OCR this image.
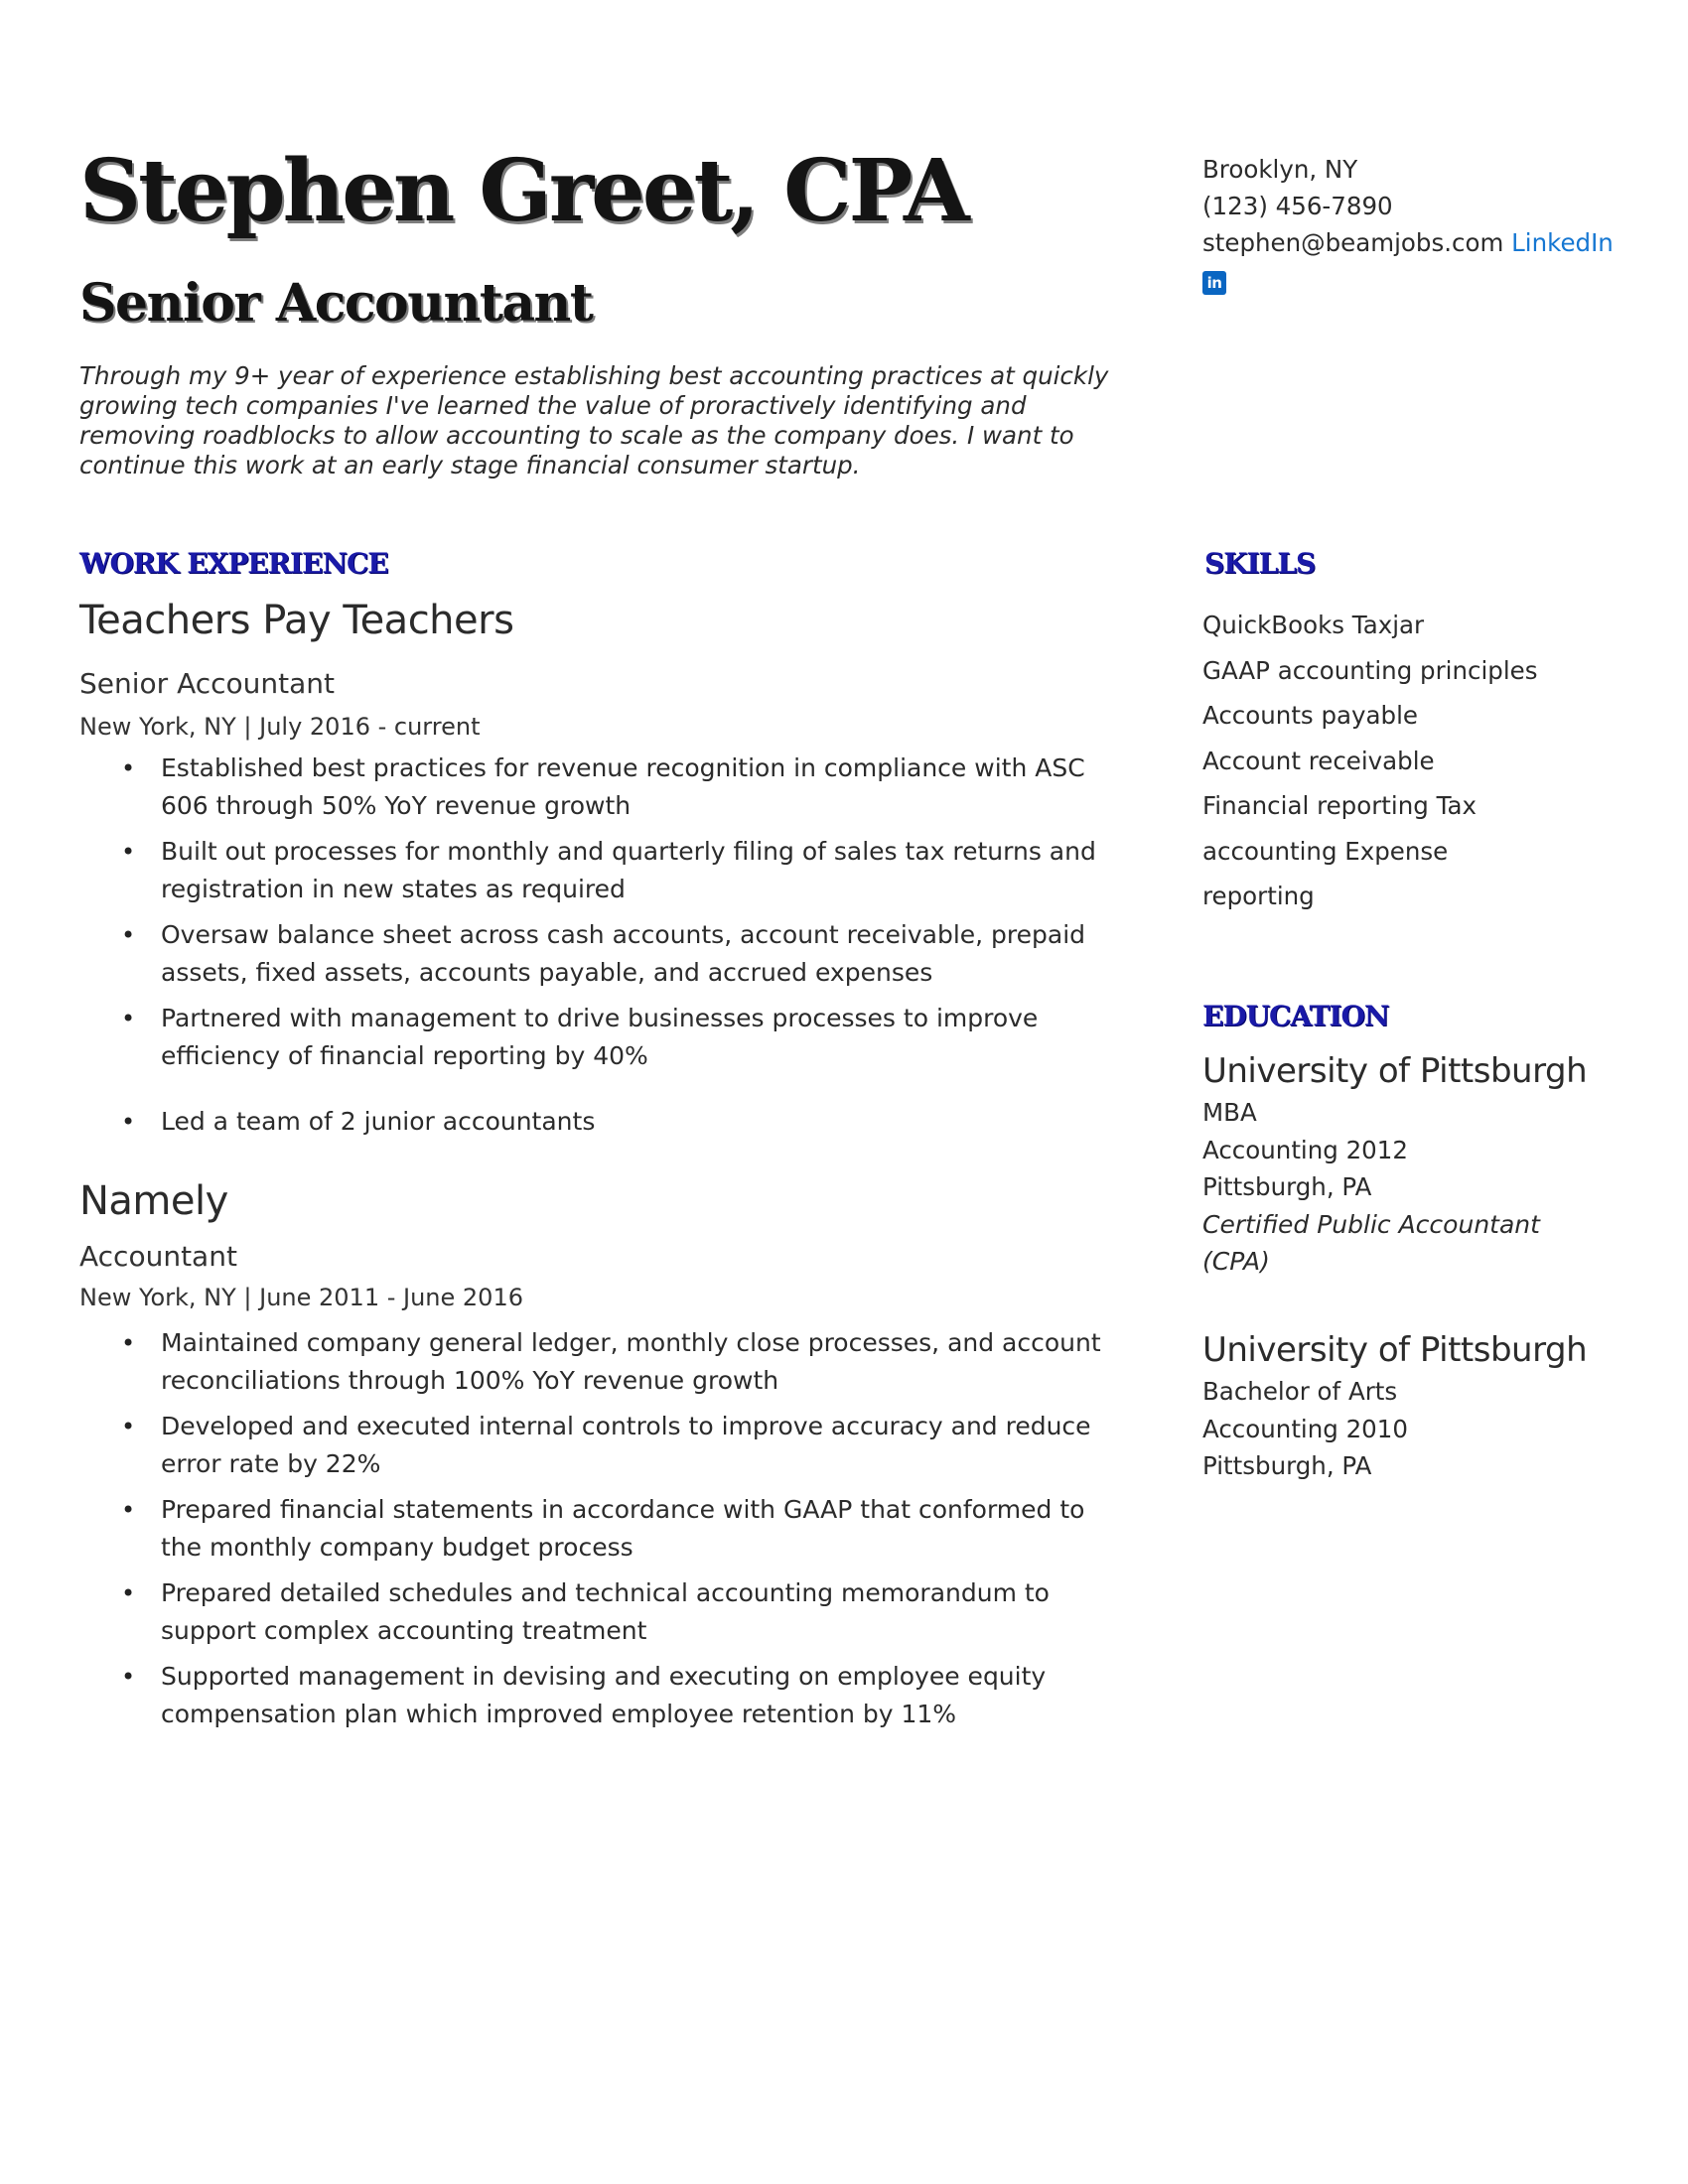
Stephen Greet, CPA
Senior Accountant

Through my 9+ year of experience establishing best accounting practices at quickly growing tech companies I've learned the value of proractively identifying and removing roadblocks to allow accounting to scale as the company does. I want to continue this work at an early stage financial consumer startup.

Brooklyn, NY
(123) 456-7890
stephen@beamjobs.com LinkedIn
in
WORK EXPERIENCE
Teachers Pay Teachers
Senior Accountant
New York, NY | July 2016 - current
• Established best practices for revenue recognition in compliance with ASC 606 through 50% YoY revenue growth
• Built out processes for monthly and quarterly filing of sales tax returns and registration in new states as required
• Oversaw balance sheet across cash accounts, account receivable, prepaid assets, fixed assets, accounts payable, and accrued expenses
• Partnered with management to drive businesses processes to improve efficiency of financial reporting by 40%
• Led a team of 2 junior accountants
Namely
Accountant
New York, NY | June 2011 - June 2016
• Maintained company general ledger, monthly close processes, and account reconciliations through 100% YoY revenue growth
• Developed and executed internal controls to improve accuracy and reduce error rate by 22%
• Prepared financial statements in accordance with GAAP that conformed to the monthly company budget process
• Prepared detailed schedules and technical accounting memorandum to support complex accounting treatment
• Supported management in devising and executing on employee equity compensation plan which improved employee retention by 11%
SKILLS
QuickBooks Taxjar
GAAP accounting principles
Accounts payable
Account receivable
Financial reporting Tax
accounting Expense
reporting
EDUCATION
University of Pittsburgh
MBA
Accounting 2012
Pittsburgh, PA
Certified Public Accountant (CPA)
University of Pittsburgh
Bachelor of Arts
Accounting 2010
Pittsburgh, PA
